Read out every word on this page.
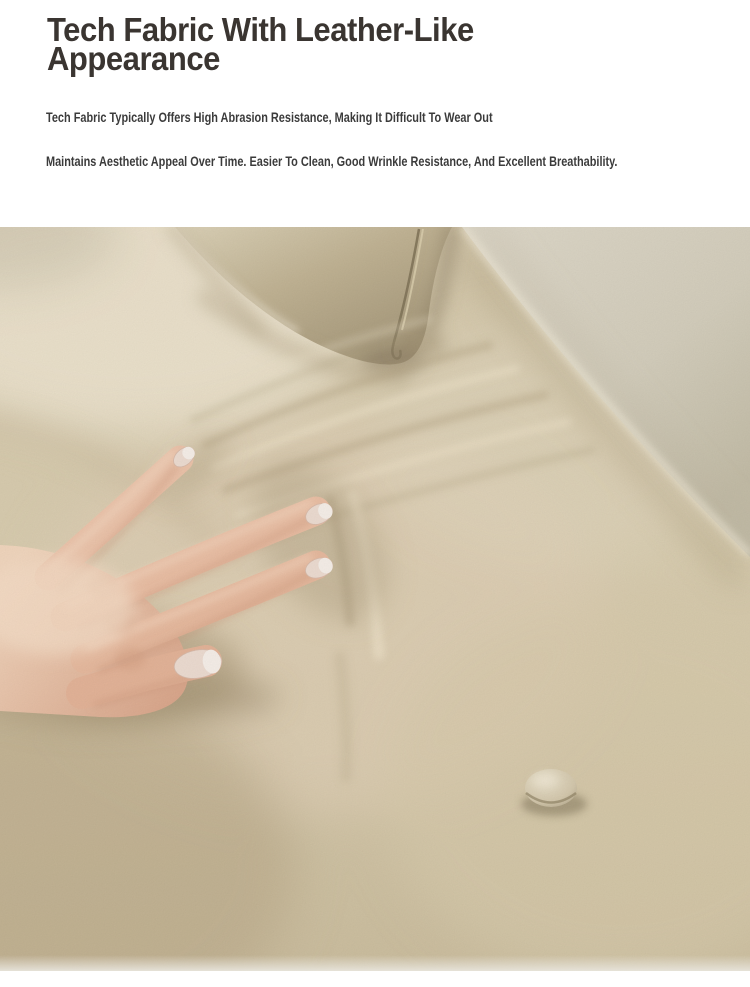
Tech Fabric With Leather-Like
Appearance

Tech Fabric Typically Offers High Abrasion Resistance, Making It Difficult To Wear Out

Maintains Aesthetic Appeal Over Time. Easier To Clean, Good Wrinkle Resistance, And Excellent Breathability.
